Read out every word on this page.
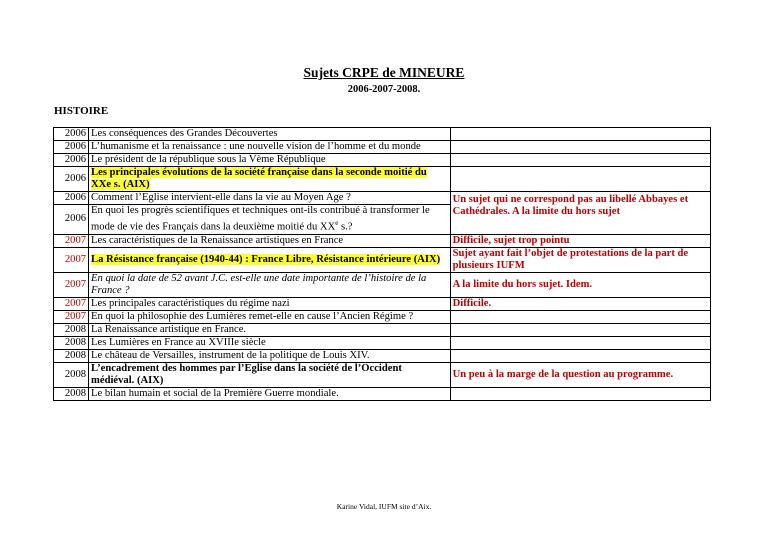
Sujets CRPE de MINEURE
2006-2007-2008.
HISTOIRE
2006	Les conséquences des Grandes Découvertes	
2006	L’humanisme et la renaissance : une nouvelle vision de l’homme et du monde	
2006	Le président de la république sous la Vème République	
2006	Les principales évolutions de la société française dans la seconde moitié du XXe s. (AIX)	
2006	Comment l’Eglise intervient-elle dans la vie au Moyen Age ?	Un sujet qui ne correspond pas au libellé Abbayes et Cathédrales. A la limite du hors sujet
2006	En quoi les progrès scientifiques et techniques ont-ils contribué à transformer le mode de vie des Français dans la deuxième moitié du XXe s.?	
2007	Les caractéristiques de la Renaissance artistiques en France	Difficile, sujet trop pointu
2007	La Résistance française (1940-44) : France Libre, Résistance intérieure (AIX)	Sujet ayant fait l’objet de protestations de la part de plusieurs IUFM
2007	En quoi la date de 52 avant J.C. est-elle une date importante de l’histoire de la France ?	A la limite du hors sujet. Idem.
2007	Les principales caractéristiques du régime nazi	Difficile.
2007	En quoi la philosophie des Lumières remet-elle en cause l’Ancien Régime ?	
2008	La Renaissance artistique en France.	
2008	Les Lumières en France au XVIIIe siècle	
2008	Le château de Versailles, instrument de la politique de Louis XIV.	
2008	L’encadrement des hommes par l’Eglise dans la société de l’Occident médiéval. (AIX)	Un peu à la marge de la question au programme.
2008	Le bilan humain et social de la Première Guerre mondiale.	
Karine Vidal, IUFM site d’Aix.
